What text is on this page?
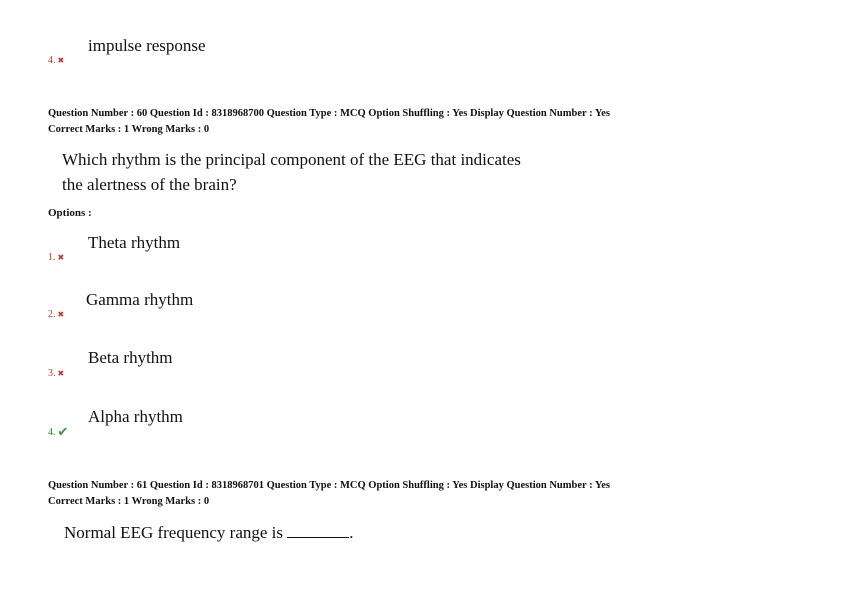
impulse response
4. ✖
Question Number : 60 Question Id : 8318968700 Question Type : MCQ Option Shuffling : Yes Display Question Number : Yes
Correct Marks : 1 Wrong Marks : 0
Which rhythm is the principal component of the EEG that indicates
the alertness of the brain?
Options :
Theta rhythm
1. ✖
Gamma rhythm
2. ✖
Beta rhythm
3. ✖
Alpha rhythm
4. ✔
Question Number : 61 Question Id : 8318968701 Question Type : MCQ Option Shuffling : Yes Display Question Number : Yes
Correct Marks : 1 Wrong Marks : 0
Normal EEG frequency range is	.
